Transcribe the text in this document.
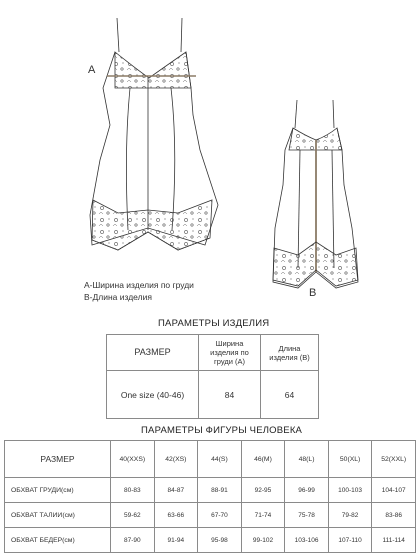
A
B
А-Ширина изделия по груди
B-Длина изделия
ПАРАМЕТРЫ ИЗДЕЛИЯ
РАЗМЕР	Ширина изделия по груди (А)	Длина изделия (В)
One size (40-46)	84	64
ПАРАМЕТРЫ ФИГУРЫ ЧЕЛОВЕКА
РАЗМЕР	40(XXS)	42(XS)	44(S)	46(M)	48(L)	50(XL)	52(XXL)
ОБХВАТ ГРУДИ(см)	80-83	84-87	88-91	92-95	96-99	100-103	104-107
ОБХВАТ ТАЛИИ(см)	59-62	63-66	67-70	71-74	75-78	79-82	83-86
ОБХВАТ БЕДЕР(см)	87-90	91-94	95-98	99-102	103-106	107-110	111-114
